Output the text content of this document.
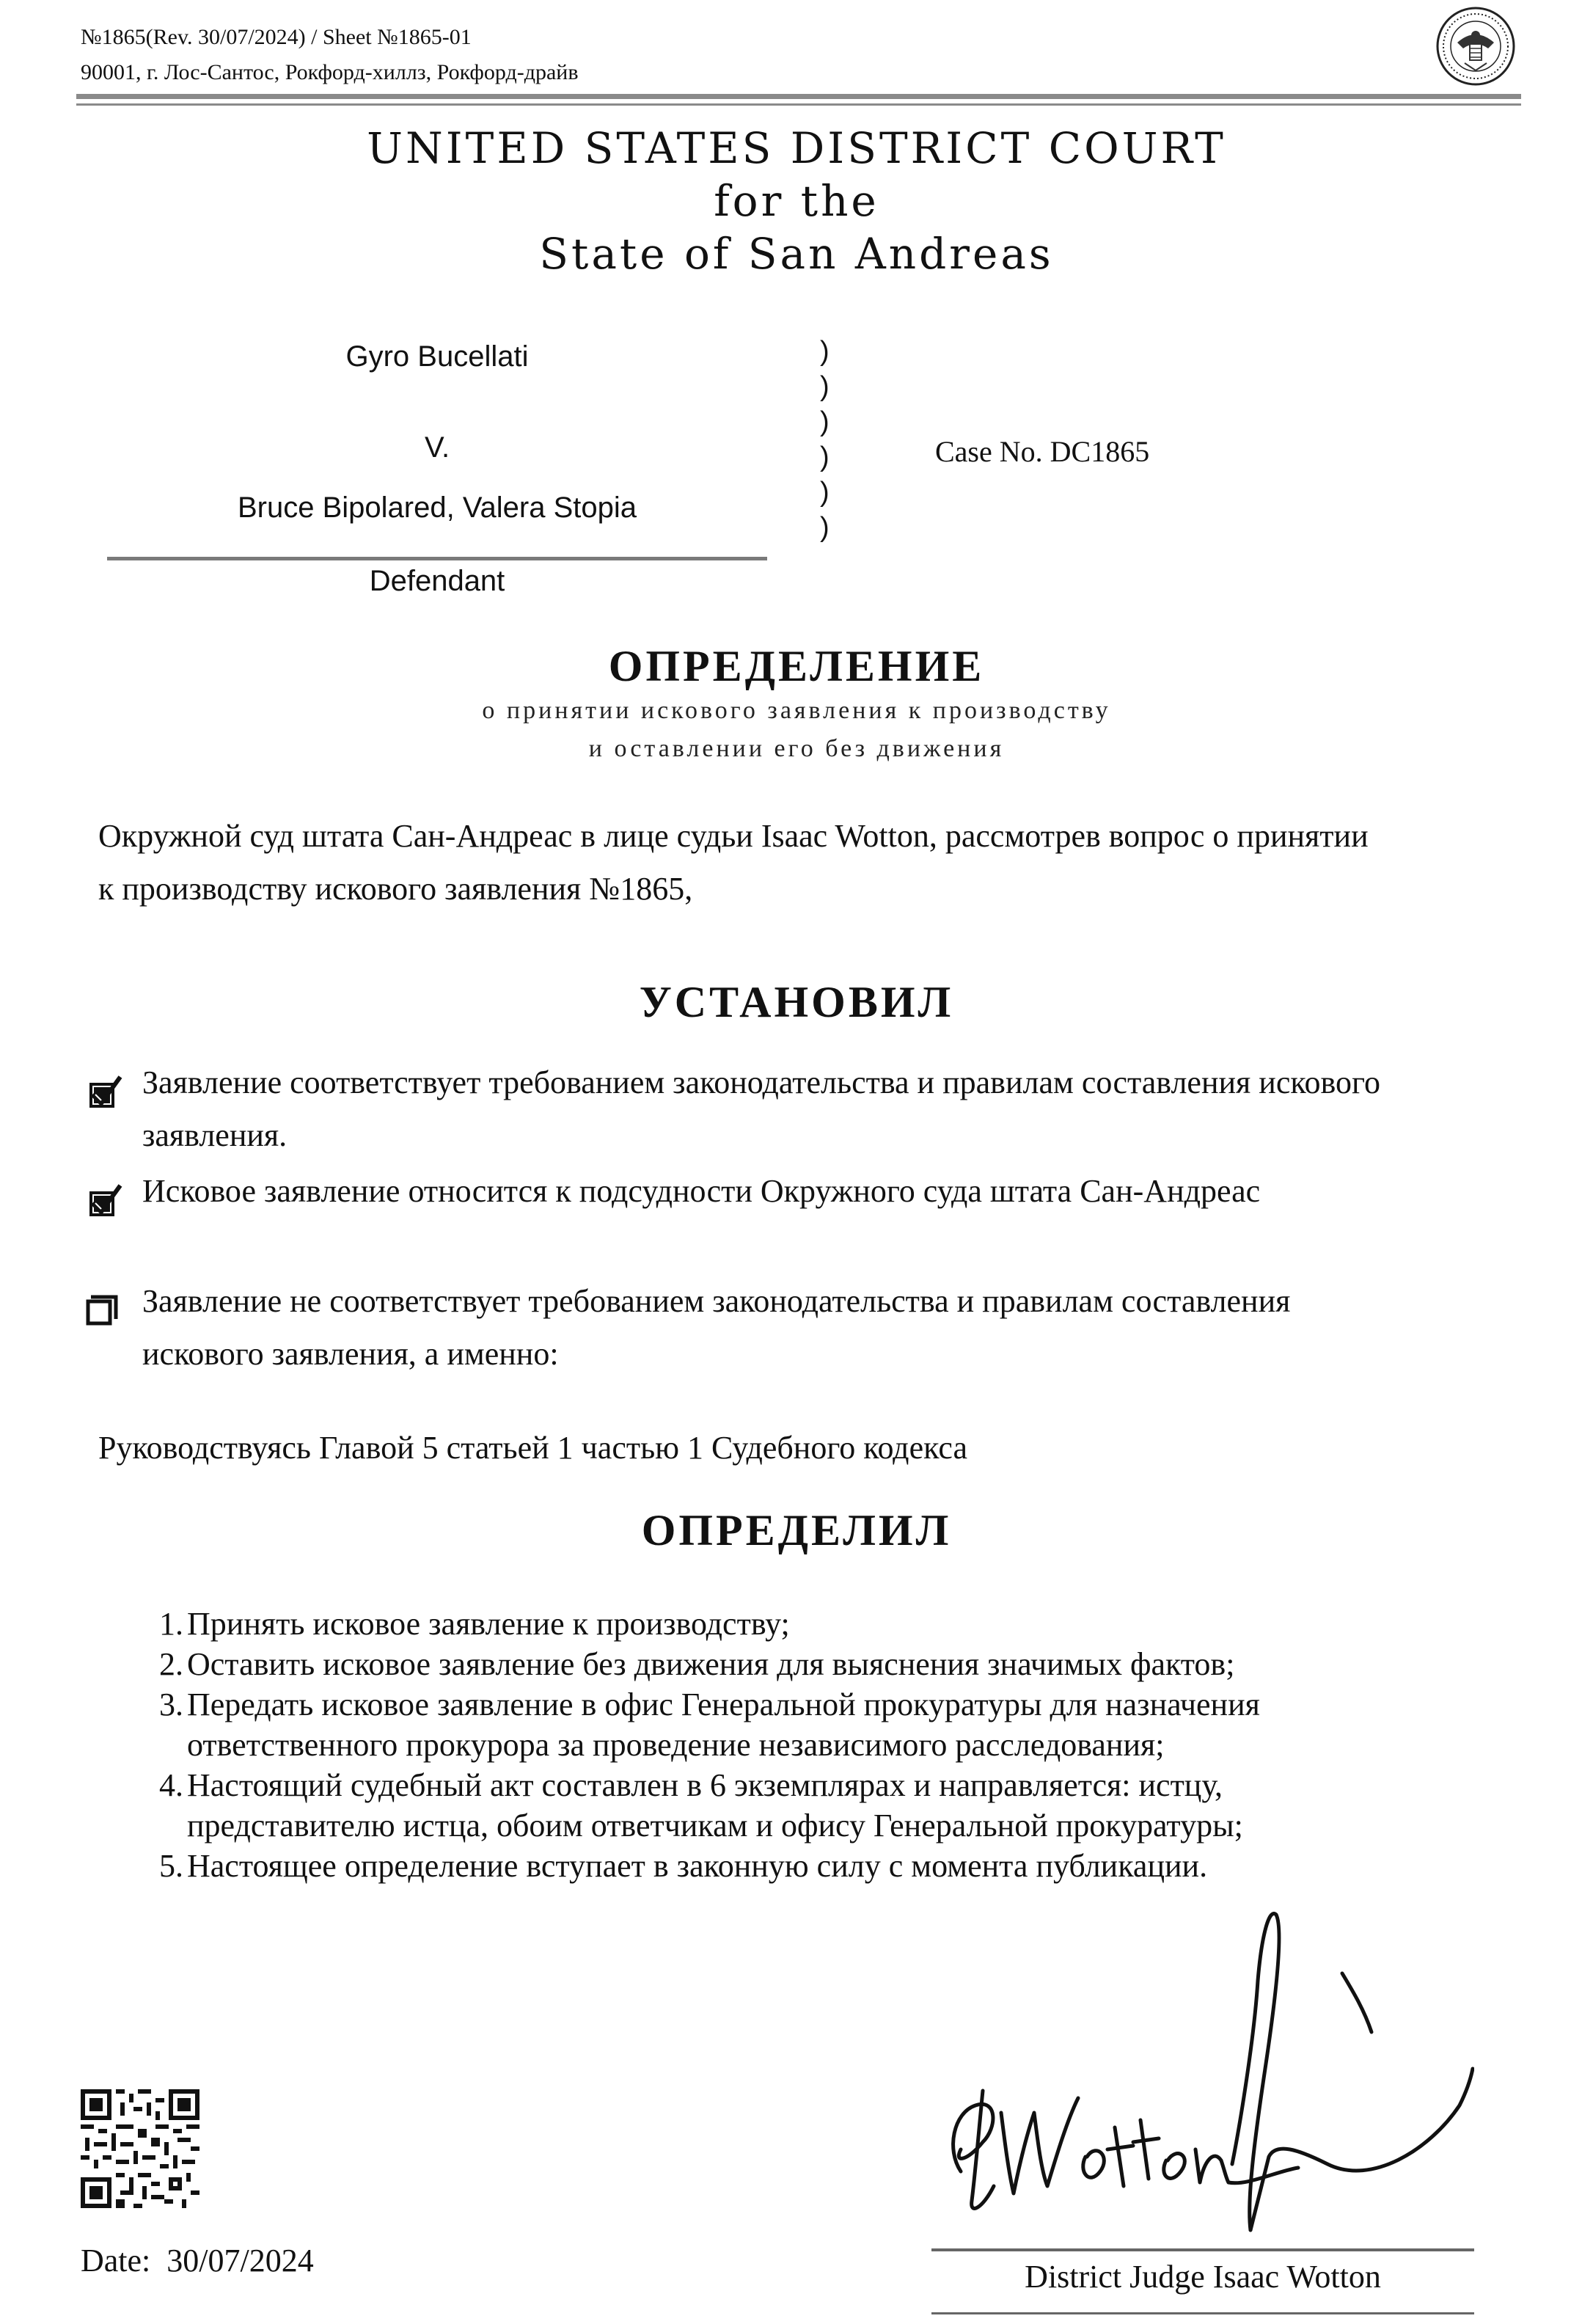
№1865(Rev. 30/07/2024) / Sheet №1865-01
90001, г. Лос-Сантос, Рокфорд-хиллз, Рокфорд-драйв
UNITED STATES DISTRICT COURT
for the
State of San Andreas
Gyro Bucellati
V.
Bruce Bipolared, Valera Stopia
Defendant
)
)
)
)
)
)
Case No. DC1865
ОПРЕДЕЛЕНИЕ
о принятии искового заявления к производству
и оставлении его без движения
Окружной суд штата Сан-Андреас в лице судьи Isaac Wotton, рассмотрев вопрос о принятии
к производству искового заявления №1865,
УСТАНОВИЛ
Заявление соответствует требованием законодательства и правилам составления искового
заявления.
Исковое заявление относится к подсудности Окружного суда штата Сан-Андреас
Заявление не соответствует требованием законодательства и правилам составления
искового заявления, а именно:
Руководствуясь Главой 5 статьей 1 частью 1 Судебного кодекса
ОПРЕДЕЛИЛ
1. Принять исковое заявление к производству;
2. Оставить исковое заявление без движения для выяснения значимых фактов;
3. Передать исковое заявление в офис Генеральной прокуратуры для назначения
ответственного прокурора за проведение независимого расследования;
4. Настоящий судебный акт составлен в 6 экземплярах и направляется: истцу,
представителю истца, обоим ответчикам и офису Генеральной прокуратуры;
5. Настоящее определение вступает в законную силу с момента публикации.
Date: 30/07/2024	District Judge Isaac Wotton
